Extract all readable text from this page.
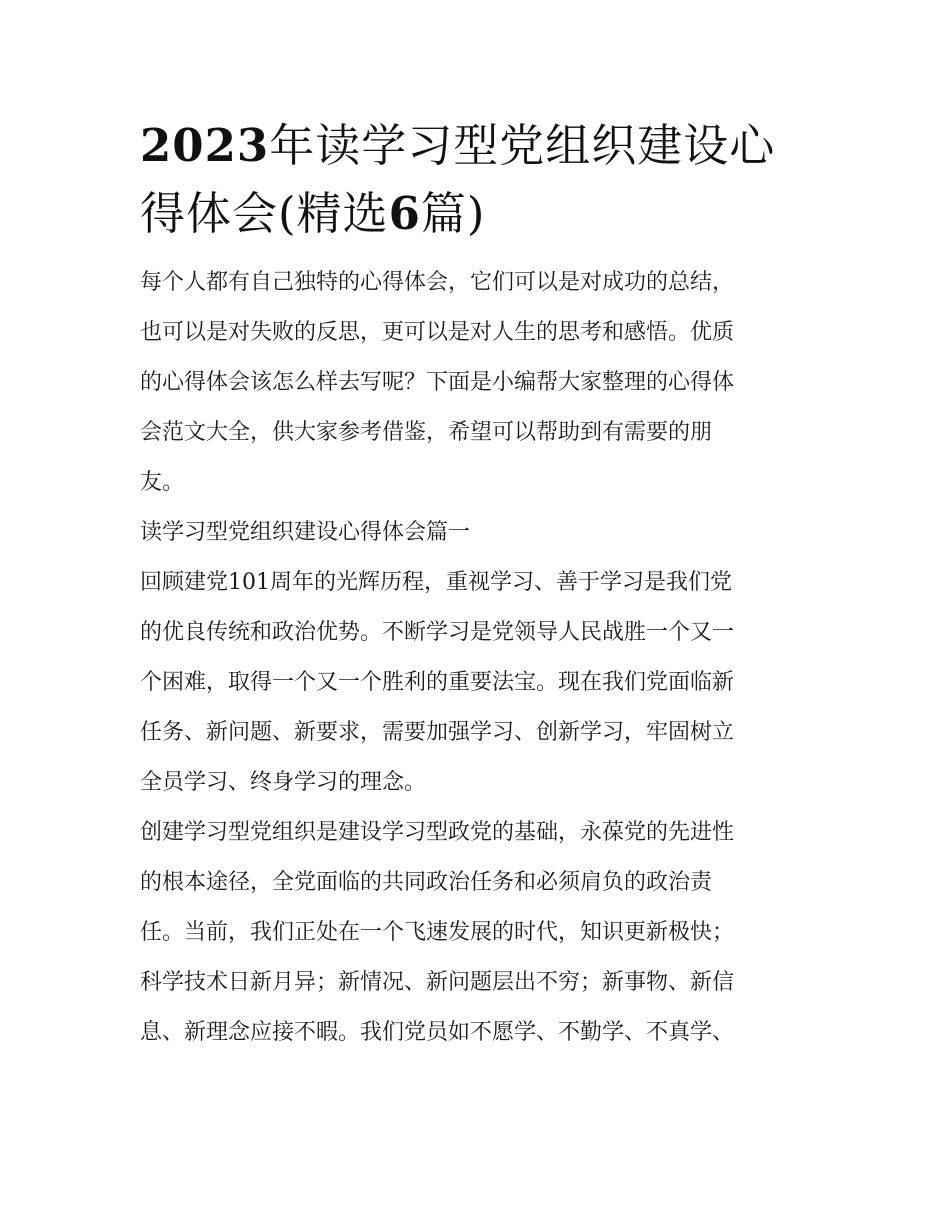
2023年读学习型党组织建设心
得体会(精选6篇)

每个人都有自己独特的心得体会，它们可以是对成功的总结，
也可以是对失败的反思，更可以是对人生的思考和感悟。优质
的心得体会该怎么样去写呢？下面是小编帮大家整理的心得体
会范文大全，供大家参考借鉴，希望可以帮助到有需要的朋
友。

读学习型党组织建设心得体会篇一

回顾建党101周年的光辉历程，重视学习、善于学习是我们党
的优良传统和政治优势。不断学习是党领导人民战胜一个又一
个困难，取得一个又一个胜利的重要法宝。现在我们党面临新
任务、新问题、新要求，需要加强学习、创新学习，牢固树立
全员学习、终身学习的理念。

创建学习型党组织是建设学习型政党的基础，永葆党的先进性
的根本途径，全党面临的共同政治任务和必须肩负的政治责
任。当前，我们正处在一个飞速发展的时代，知识更新极快；
科学技术日新月异；新情况、新问题层出不穷；新事物、新信
息、新理念应接不暇。我们党员如不愿学、不勤学、不真学、
